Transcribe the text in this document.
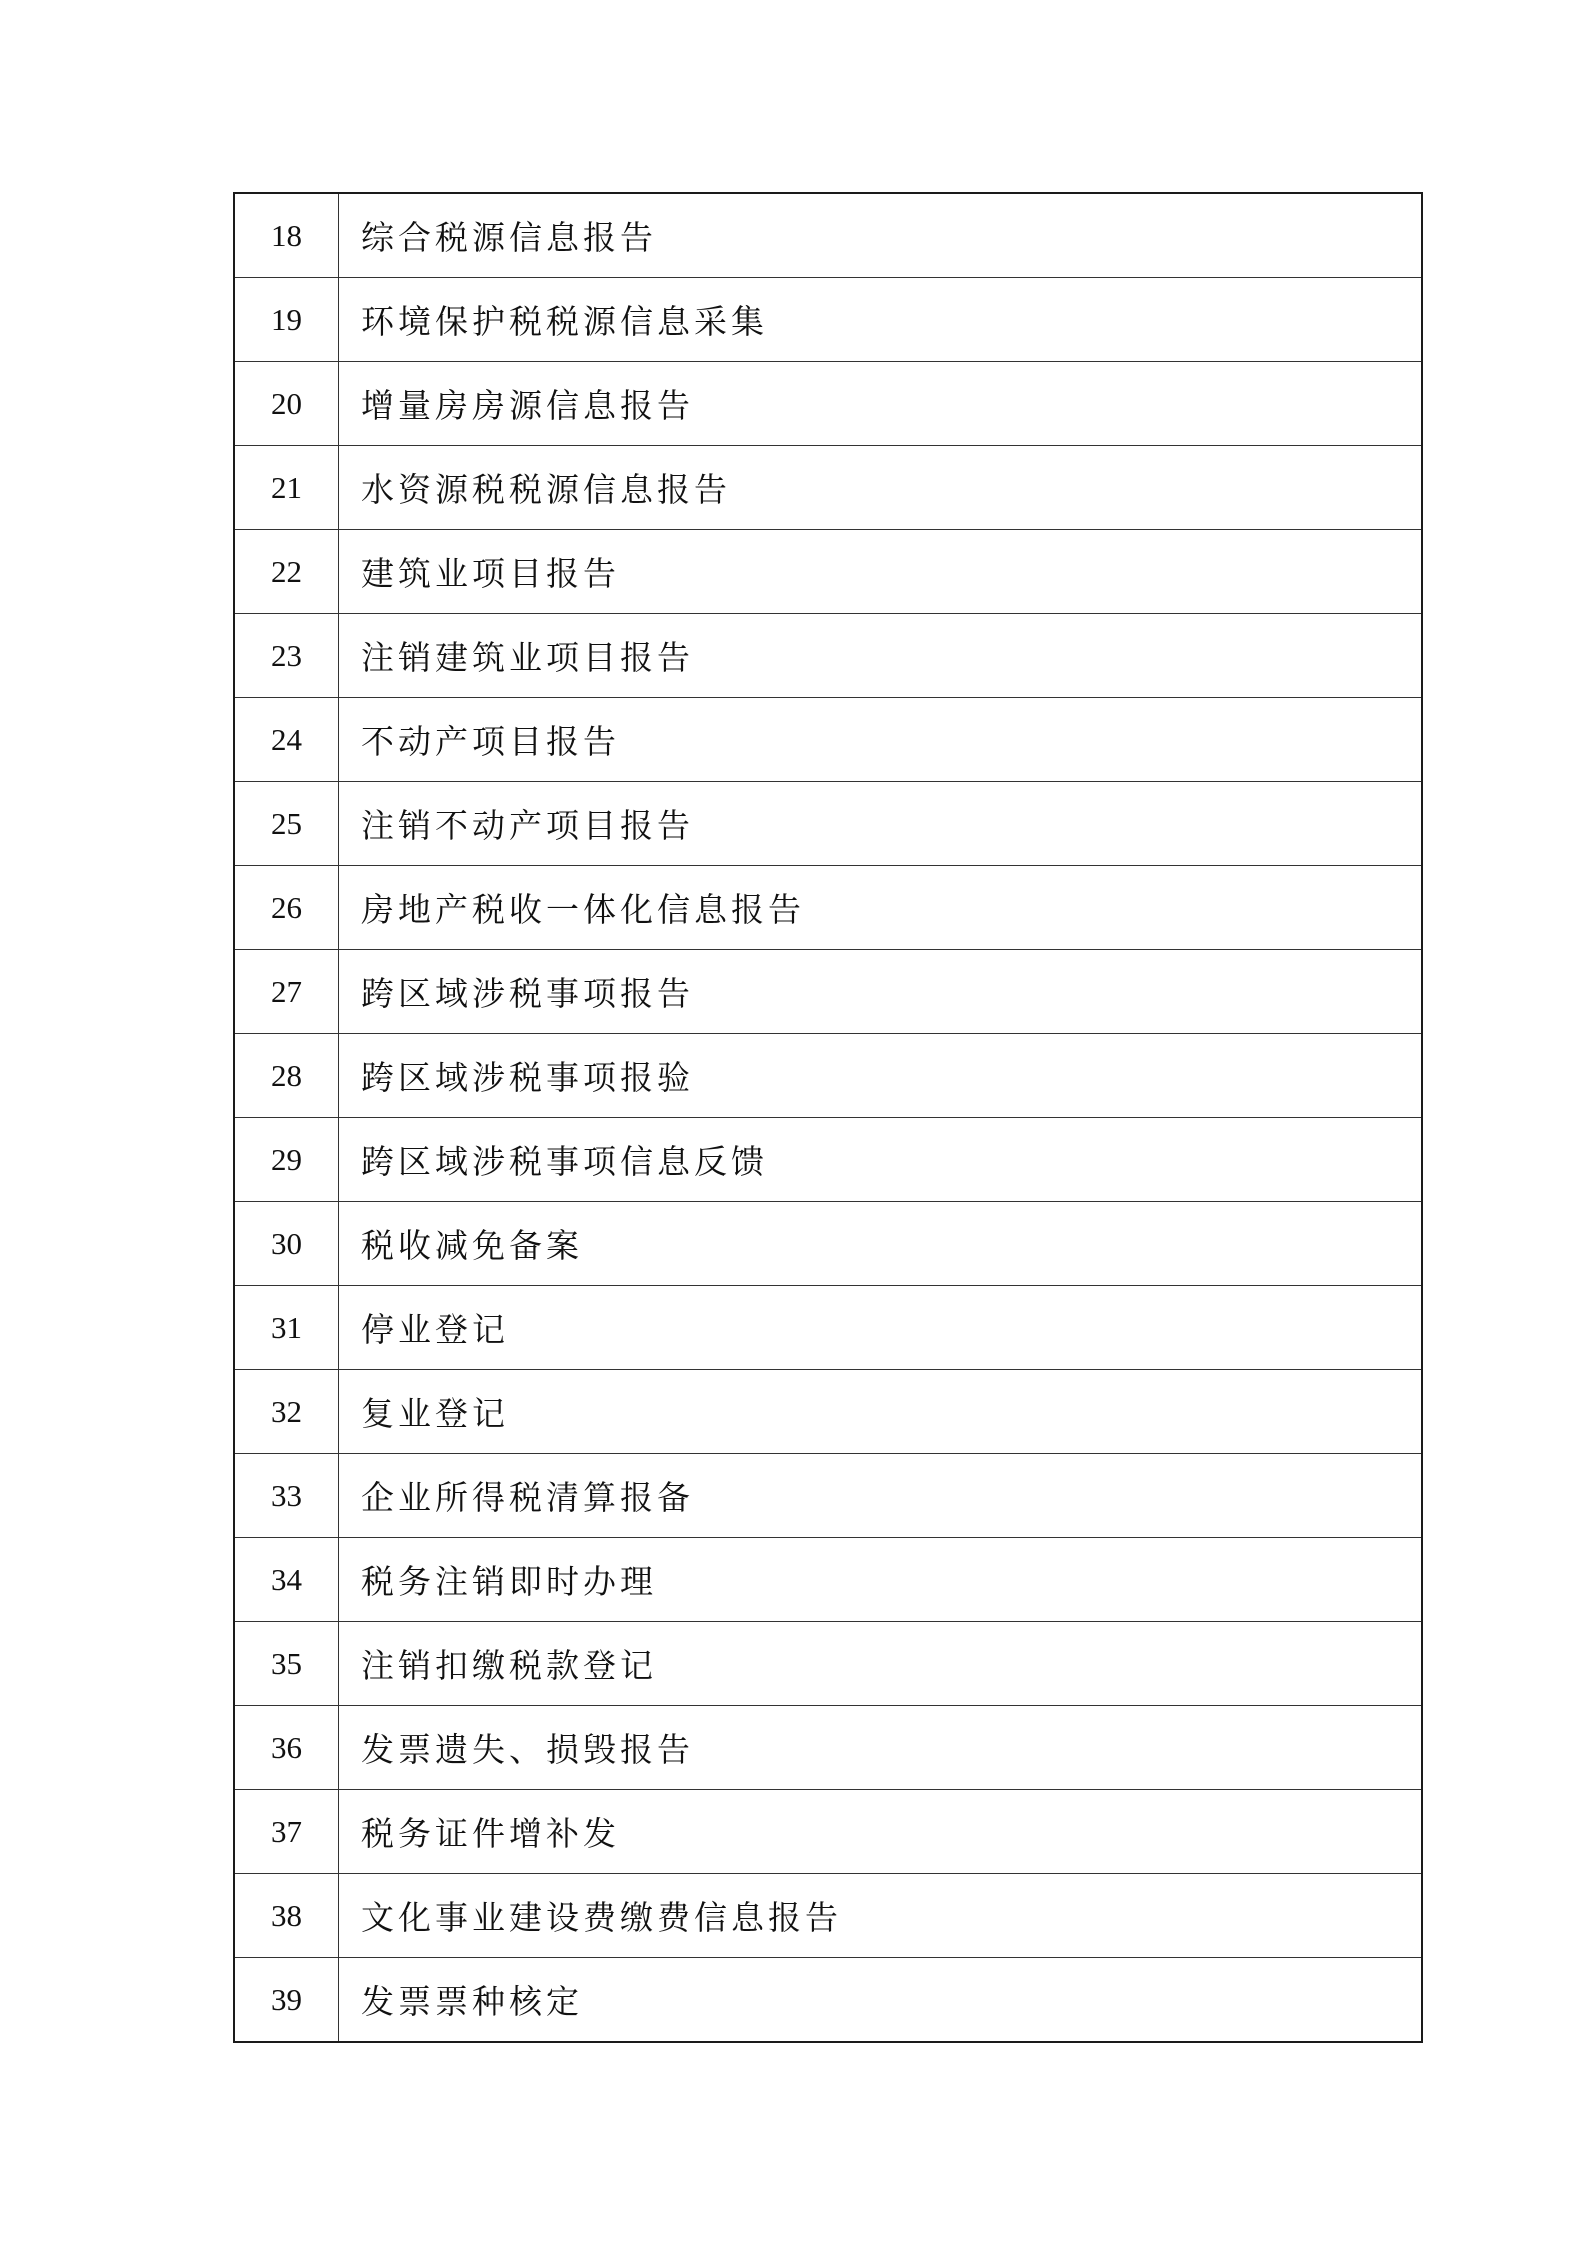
18	综合税源信息报告
19	环境保护税税源信息采集
20	增量房房源信息报告
21	水资源税税源信息报告
22	建筑业项目报告
23	注销建筑业项目报告
24	不动产项目报告
25	注销不动产项目报告
26	房地产税收一体化信息报告
27	跨区域涉税事项报告
28	跨区域涉税事项报验
29	跨区域涉税事项信息反馈
30	税收减免备案
31	停业登记
32	复业登记
33	企业所得税清算报备
34	税务注销即时办理
35	注销扣缴税款登记
36	发票遗失、损毁报告
37	税务证件增补发
38	文化事业建设费缴费信息报告
39	发票票种核定
